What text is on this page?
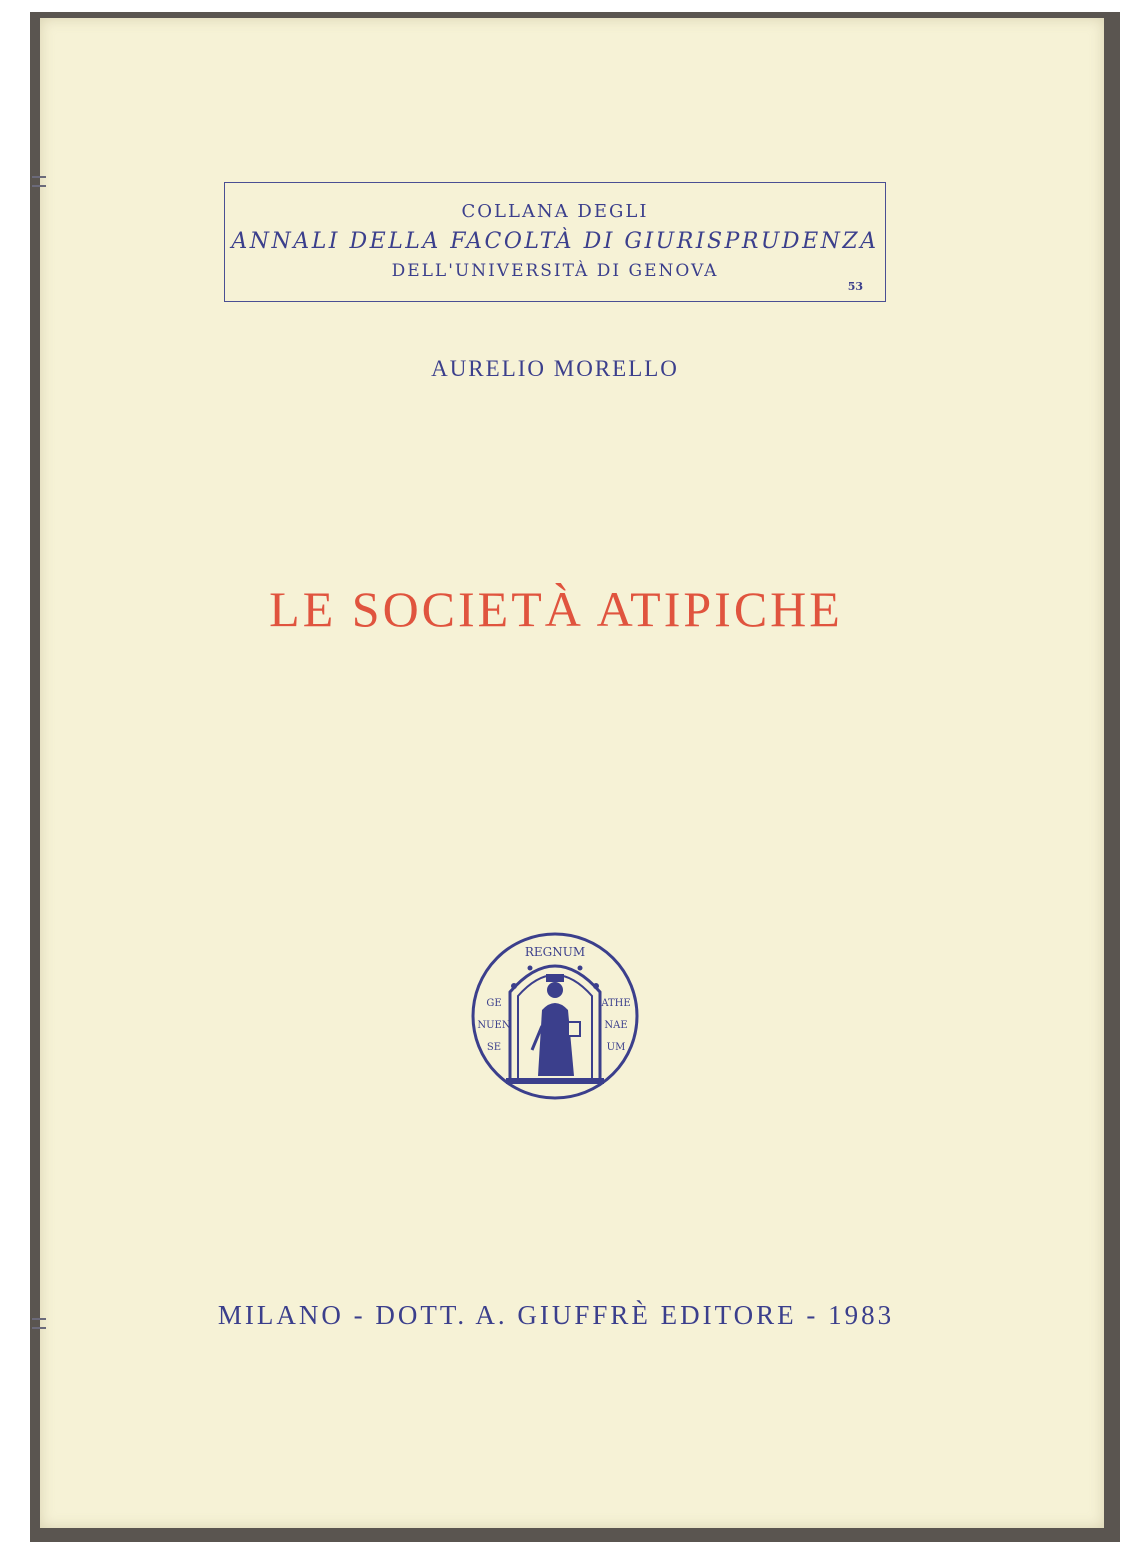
COLLANA DEGLI
ANNALI DELLA FACOLTÀ DI GIURISPRUDENZA
DELL'UNIVERSITÀ DI GENOVA
53
AURELIO MORELLO
LE SOCIETÀ ATIPICHE
REGNUM
GE
NUEN
SE
ATHE
NAE
UM
MILANO - DOTT. A. GIUFFRÈ EDITORE - 1983
